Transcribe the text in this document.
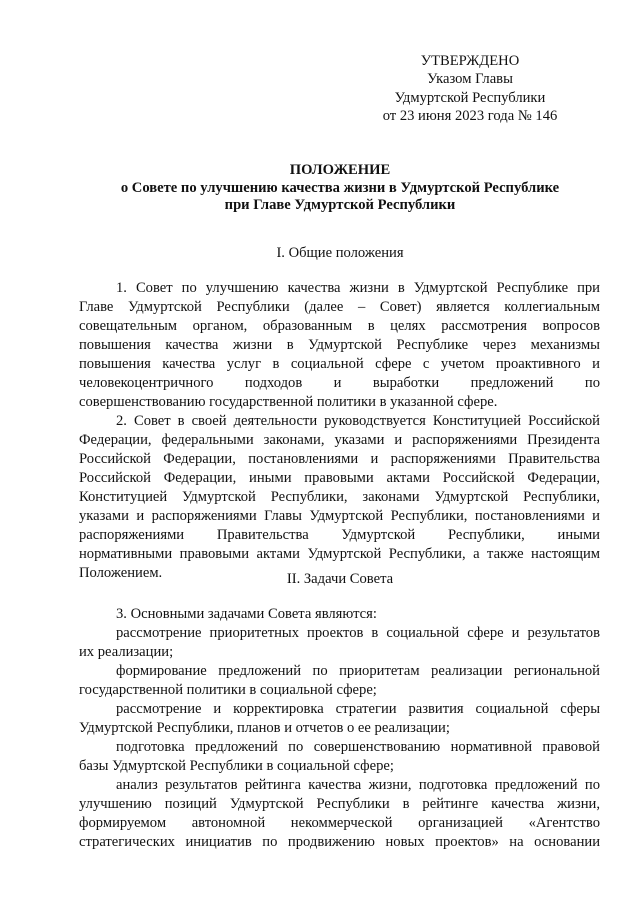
УТВЕРЖДЕНО
Указом Главы
Удмуртской Республики
от 23 июня 2023 года № 146
ПОЛОЖЕНИЕ
о Совете по улучшению качества жизни в Удмуртской Республике
при Главе Удмуртской Республики
I. Общие положения
1. Совет по улучшению качества жизни в Удмуртской Республике при
Главе Удмуртской Республики (далее – Совет) является коллегиальным
совещательным органом, образованным в целях рассмотрения вопросов
повышения качества жизни в Удмуртской Республике через механизмы
повышения качества услуг в социальной сфере с учетом проактивного и
человекоцентричного подходов и выработки предложений по
совершенствованию государственной политики в указанной сфере.
2. Совет в своей деятельности руководствуется Конституцией Российской
Федерации, федеральными законами, указами и распоряжениями Президента
Российской Федерации, постановлениями и распоряжениями Правительства
Российской Федерации, иными правовыми актами Российской Федерации,
Конституцией Удмуртской Республики, законами Удмуртской Республики,
указами и распоряжениями Главы Удмуртской Республики, постановлениями и
распоряжениями Правительства Удмуртской Республики, иными
нормативными правовыми актами Удмуртской Республики, а также настоящим
Положением.	II. Задачи Совета
3. Основными задачами Совета являются:
рассмотрение приоритетных проектов в социальной сфере и результатов
их реализации;
формирование предложений по приоритетам реализации региональной
государственной политики в социальной сфере;
рассмотрение и корректировка стратегии развития социальной сферы
Удмуртской Республики, планов и отчетов о ее реализации;
подготовка предложений по совершенствованию нормативной правовой
базы Удмуртской Республики в социальной сфере;
анализ результатов рейтинга качества жизни, подготовка предложений по
улучшению позиций Удмуртской Республики в рейтинге качества жизни,
формируемом автономной некоммерческой организацией «Агентство
стратегических инициатив по продвижению новых проектов» на основании
